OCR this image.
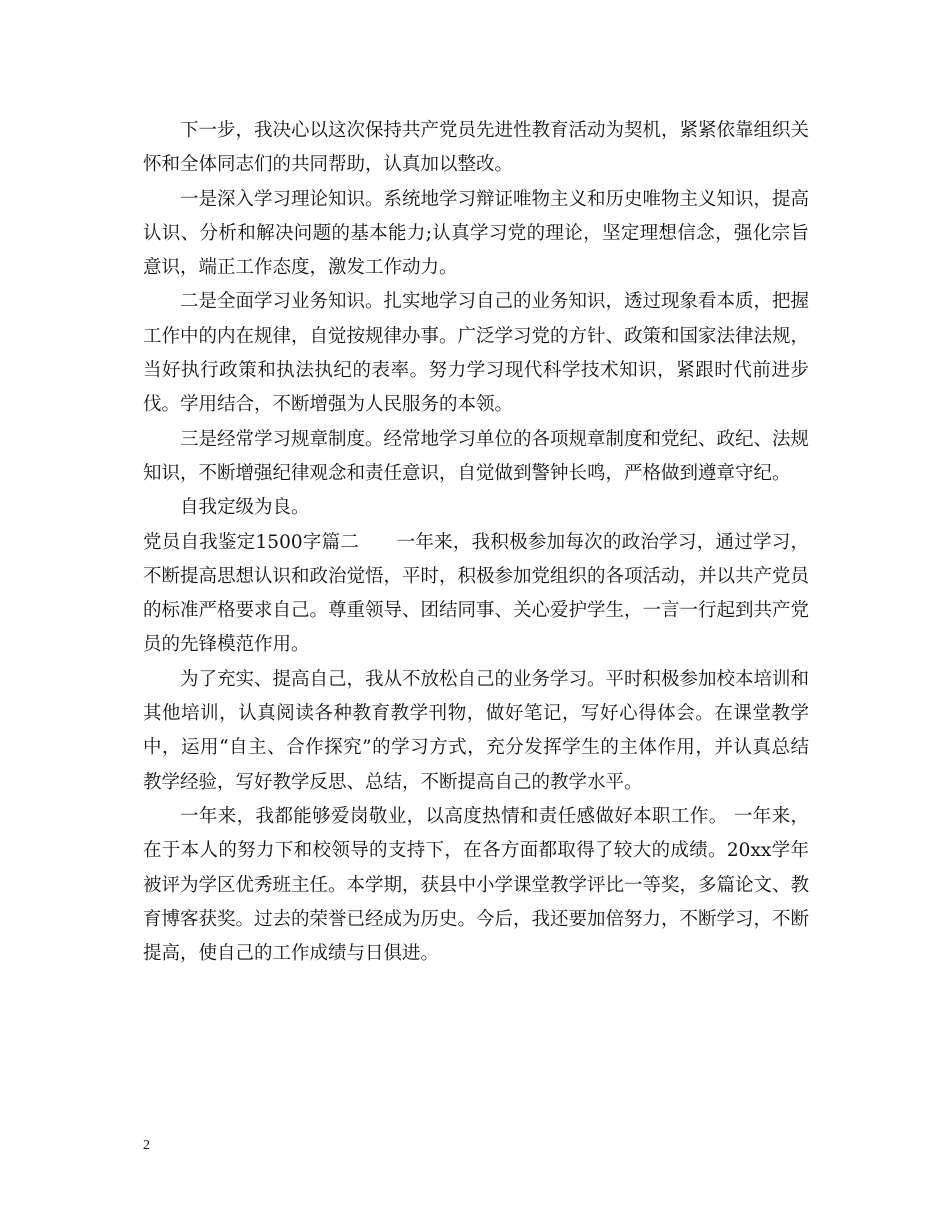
下一步，我决心以这次保持共产党员先进性教育活动为契机，紧紧依靠组织关怀和全体同志们的共同帮助，认真加以整改。

一是深入学习理论知识。系统地学习辩证唯物主义和历史唯物主义知识，提高认识、分析和解决问题的基本能力;认真学习党的理论，坚定理想信念，强化宗旨意识，端正工作态度，激发工作动力。

二是全面学习业务知识。扎实地学习自己的业务知识，透过现象看本质，把握工作中的内在规律，自觉按规律办事。广泛学习党的方针、政策和国家法律法规，当好执行政策和执法执纪的表率。努力学习现代科学技术知识，紧跟时代前进步伐。学用结合，不断增强为人民服务的本领。

三是经常学习规章制度。经常地学习单位的各项规章制度和党纪、政纪、法规知识，不断增强纪律观念和责任意识，自觉做到警钟长鸣，严格做到遵章守纪。

自我定级为良。

党员自我鉴定1500字篇二　　一年来，我积极参加每次的政治学习，通过学习，不断提高思想认识和政治觉悟，平时，积极参加党组织的各项活动，并以共产党员的标准严格要求自己。尊重领导、团结同事、关心爱护学生，一言一行起到共产党员的先锋模范作用。

为了充实、提高自己，我从不放松自己的业务学习。平时积极参加校本培训和其他培训，认真阅读各种教育教学刊物，做好笔记，写好心得体会。在课堂教学中，运用“自主、合作探究”的学习方式，充分发挥学生的主体作用，并认真总结教学经验，写好教学反思、总结，不断提高自己的教学水平。

一年来，我都能够爱岗敬业，以高度热情和责任感做好本职工作。 一年来，在于本人的努力下和校领导的支持下，在各方面都取得了较大的成绩。20xx学年被评为学区优秀班主任。本学期，获县中小学课堂教学评比一等奖，多篇论文、教育博客获奖。过去的荣誉已经成为历史。今后，我还要加倍努力，不断学习，不断提高，使自己的工作成绩与日俱进。

2
